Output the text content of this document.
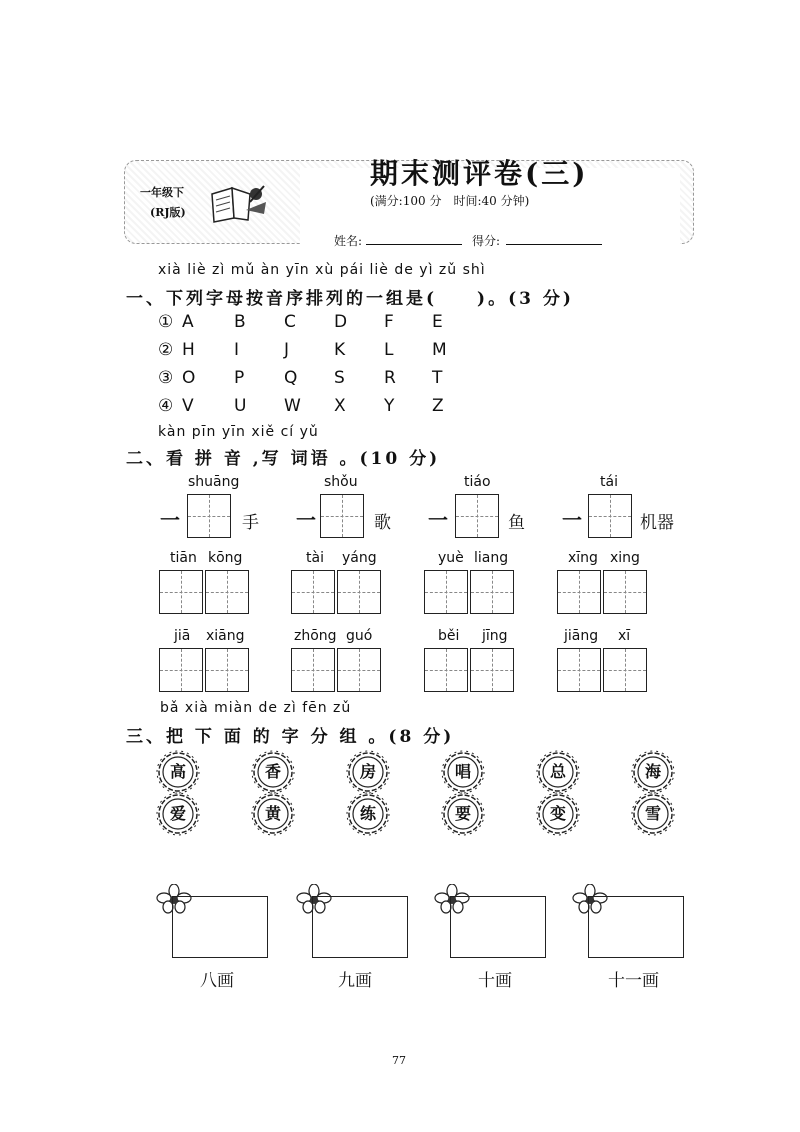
一年级下
(RJ版)
期末测评卷(三)
(满分:100 分　时间:40 分钟)
姓名:	得分:
xià liè zì mǔ àn yīn xù pái liè de yì zǔ shì
一、下列字母按音序排列的一组是(　　)。(3 分)
① A B C D F E
② H I	J	K L M
③ O P Q S R T
④ V U W X Y Z
kàn pīn yīn xiě cí yǔ
二、看 拼 音 ,写 词语 。(10 分)
shuāng
一	手
shǒu
一	歌
tiáo
一	鱼
tái
一	机器
tiān kōng	tài yáng	yuè liang	xīng xing
jiā xiāng	zhōng guó	běi jīng	jiāng xī
bǎ xià miàn de zì fēn zǔ
三、把 下 面 的 字 分 组 。(8 分)
高	香	房	唱	总	海
爱	黄	练	要	变	雪
八画	九画	十画	十一画
77
